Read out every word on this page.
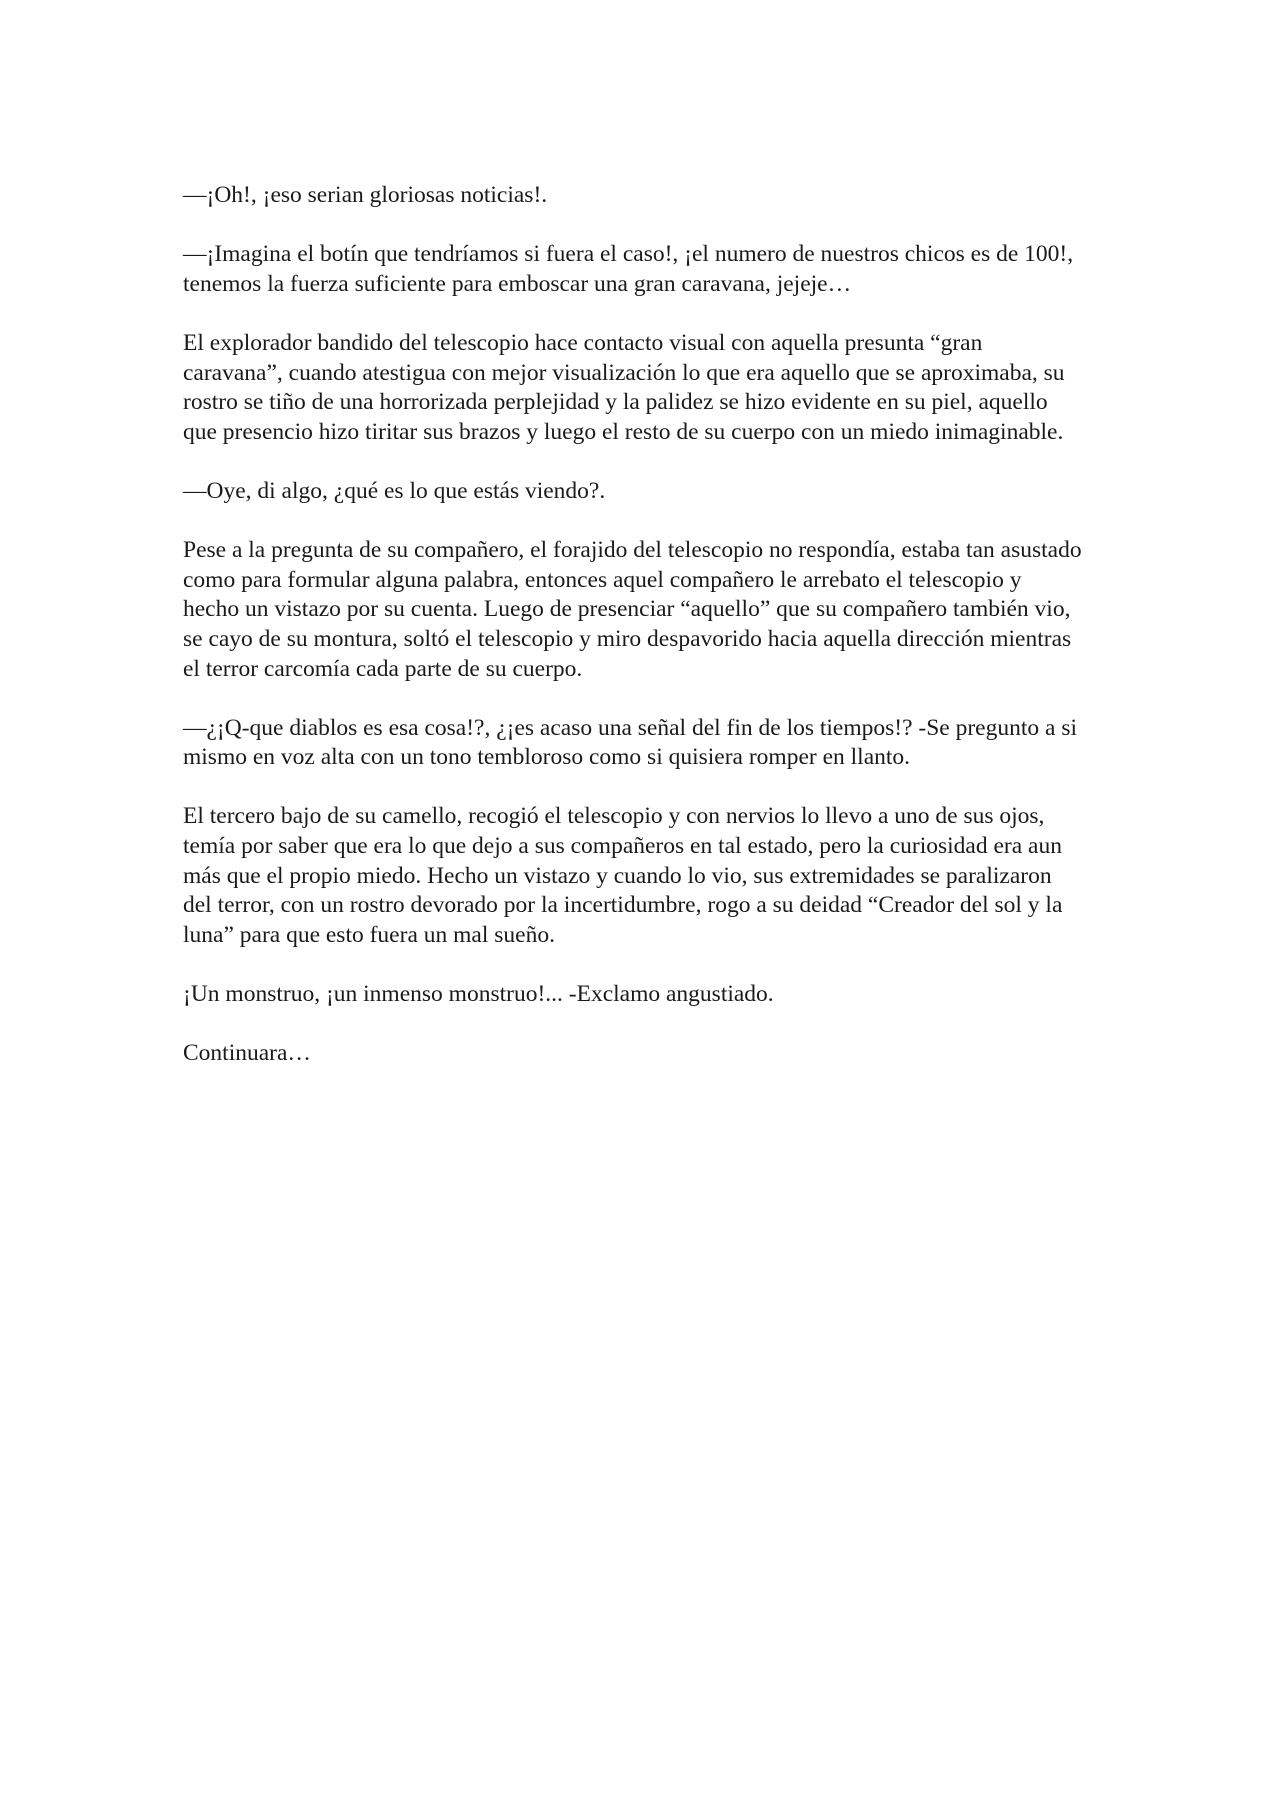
—¡Oh!, ¡eso serian gloriosas noticias!.

—¡Imagina el botín que tendríamos si fuera el caso!, ¡el numero de nuestros chicos es de 100!, tenemos la fuerza suficiente para emboscar una gran caravana, jejeje…

El explorador bandido del telescopio hace contacto visual con aquella presunta “gran caravana”, cuando atestigua con mejor visualización lo que era aquello que se aproximaba, su rostro se tiño de una horrorizada perplejidad y la palidez se hizo evidente en su piel, aquello que presencio hizo tiritar sus brazos y luego el resto de su cuerpo con un miedo inimaginable.

—Oye, di algo, ¿qué es lo que estás viendo?.

Pese a la pregunta de su compañero, el forajido del telescopio no respondía, estaba tan asustado como para formular alguna palabra, entonces aquel compañero le arrebato el telescopio y hecho un vistazo por su cuenta. Luego de presenciar “aquello” que su compañero también vio, se cayo de su montura, soltó el telescopio y miro despavorido hacia aquella dirección mientras el terror carcomía cada parte de su cuerpo.

—¿¡Q-que diablos es esa cosa!?, ¿¡es acaso una señal del fin de los tiempos!? -Se pregunto a si mismo en voz alta con un tono tembloroso como si quisiera romper en llanto.

El tercero bajo de su camello, recogió el telescopio y con nervios lo llevo a uno de sus ojos, temía por saber que era lo que dejo a sus compañeros en tal estado, pero la curiosidad era aun más que el propio miedo. Hecho un vistazo y cuando lo vio, sus extremidades se paralizaron del terror, con un rostro devorado por la incertidumbre, rogo a su deidad “Creador del sol y la luna” para que esto fuera un mal sueño.

¡Un monstruo, ¡un inmenso monstruo!... -Exclamo angustiado.

Continuara…
